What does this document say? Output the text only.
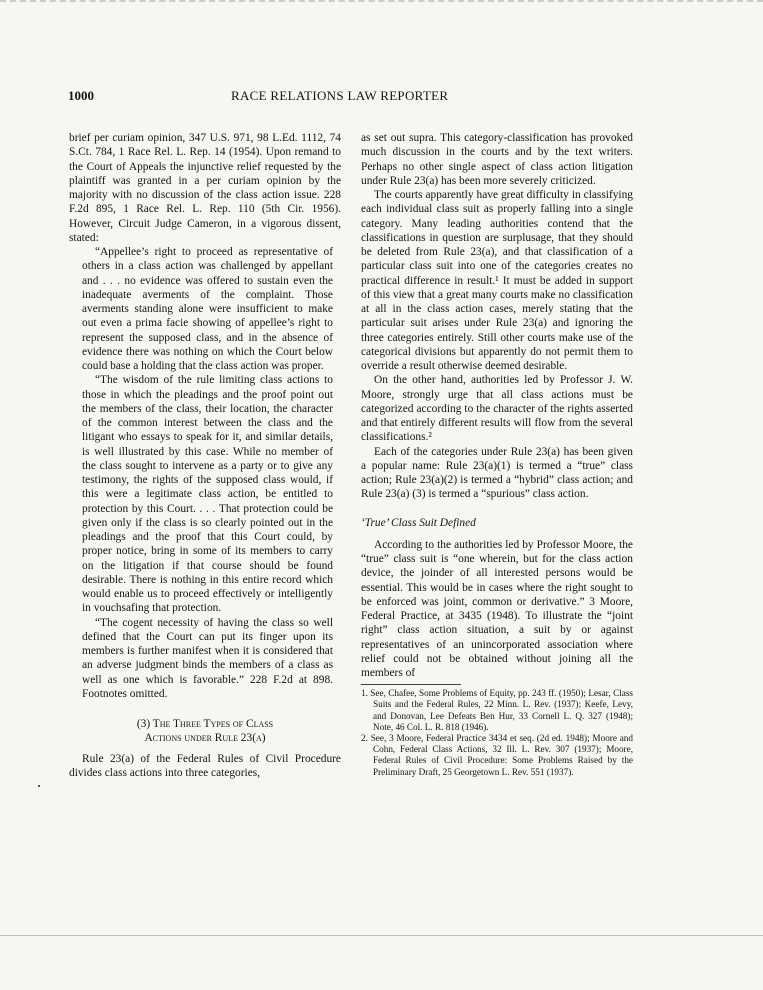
1000	RACE RELATIONS LAW REPORTER

brief per curiam opinion, 347 U.S. 971, 98 L.Ed. 1112, 74 S.Ct. 784, 1 Race Rel. L. Rep. 14 (1954). Upon remand to the Court of Appeals the injunctive relief requested by the plaintiff was granted in a per curiam opinion by the majority with no discussion of the class action issue. 228 F.2d 895, 1 Race Rel. L. Rep. 110 (5th Cir. 1956). However, Circuit Judge Cameron, in a vigorous dissent, stated:

“Appellee’s right to proceed as representative of others in a class action was challenged by appellant and . . . no evidence was offered to sustain even the inadequate averments of the complaint. Those averments standing alone were insufficient to make out even a prima facie showing of appellee’s right to represent the supposed class, and in the absence of evidence there was nothing on which the Court below could base a holding that the class action was proper.

“The wisdom of the rule limiting class actions to those in which the pleadings and the proof point out the members of the class, their location, the character of the common interest between the class and the litigant who essays to speak for it, and similar details, is well illustrated by this case. While no member of the class sought to intervene as a party or to give any testimony, the rights of the supposed class would, if this were a legitimate class action, be entitled to protection by this Court. . . . That protection could be given only if the class is so clearly pointed out in the pleadings and the proof that this Court could, by proper notice, bring in some of its members to carry on the litigation if that course should be found desirable. There is nothing in this entire record which would enable us to proceed effectively or intelligently in vouchsafing that protection.

“The cogent necessity of having the class so well defined that the Court can put its finger upon its members is further manifest when it is considered that an adverse judgment binds the members of a class as well as one which is favorable.” 228 F.2d at 898. Footnotes omitted.

(3) The Three Types of Class
Actions under Rule 23(a)

Rule 23(a) of the Federal Rules of Civil Procedure divides class actions into three categories,

as set out supra. This category-classification has provoked much discussion in the courts and by the text writers. Perhaps no other single aspect of class action litigation under Rule 23(a) has been more severely criticized.

The courts apparently have great difficulty in classifying each individual class suit as properly falling into a single category. Many leading authorities contend that the classifications in question are surplusage, that they should be deleted from Rule 23(a), and that classification of a particular class suit into one of the categories creates no practical difference in result.¹ It must be added in support of this view that a great many courts make no classification at all in the class action cases, merely stating that the particular suit arises under Rule 23(a) and ignoring the three categories entirely. Still other courts make use of the categorical divisions but apparently do not permit them to override a result otherwise deemed desirable.

On the other hand, authorities led by Professor J. W. Moore, strongly urge that all class actions must be categorized according to the character of the rights asserted and that entirely different results will flow from the several classifications.²

Each of the categories under Rule 23(a) has been given a popular name: Rule 23(a)(1) is termed a “true” class action; Rule 23(a)(2) is termed a “hybrid” class action; and Rule 23(a) (3) is termed a “spurious” class action.

‘True’ Class Suit Defined

According to the authorities led by Professor Moore, the “true” class suit is “one wherein, but for the class action device, the joinder of all interested persons would be essential. This would be in cases where the right sought to be enforced was joint, common or derivative.” 3 Moore, Federal Practice, at 3435 (1948). To illustrate the “joint right” class action situation, a suit by or against representatives of an unincorporated association where relief could not be obtained without joining all the members of

1. See, Chafee, Some Problems of Equity, pp. 243 ff. (1950); Lesar, Class Suits and the Federal Rules, 22 Minn. L. Rev. (1937); Keefe, Levy, and Donovan, Lee Defeats Ben Hur, 33 Cornell L. Q. 327 (1948); Note, 46 Col. L. R. 818 (1946).

2. See, 3 Moore, Federal Practice 3434 et seq. (2d ed. 1948); Moore and Cohn, Federal Class Actions, 32 Ill. L. Rev. 307 (1937); Moore, Federal Rules of Civil Procedure: Some Problems Raised by the Preliminary Draft, 25 Georgetown L. Rev. 551 (1937).
